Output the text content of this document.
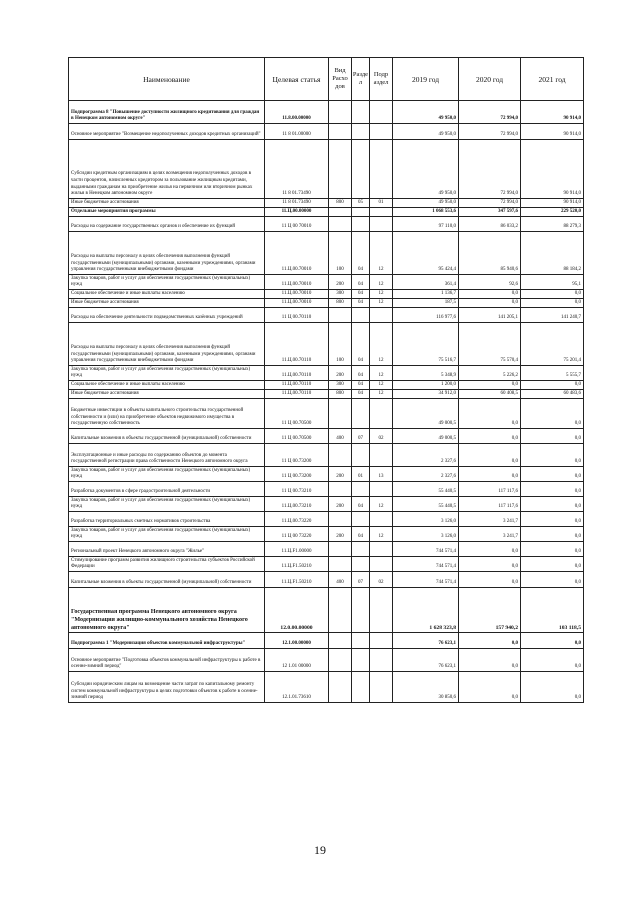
Наименование	Целевая статья	Вид Расхо дов	Разде л	Подр аздел	2019 год	2020 год	2021 год
Подпрограмма 8 "Повышение доступности жилищного кредитования для граждан в Ненецком автономном округе"	11.8.00.00000				49 950,0	72 994,0	90 914,0
Основное мероприятие "Возмещение недополученных доходов кредитных организаций"	11 8 01.00000				49 950,0	72 994,0	90 914,0
Субсидии кредитным организациям в целях возмещения недополученных доходов в части процентов, начисленных кредитором за пользование жилищным кредитами, выданными гражданам на приобретение жилья на первичном или вторичном рынках жилья в Ненецком автономном округе	11 8 01.73490				49 950,0	72 994,0	90 914,0
Иные бюджетные ассигнования	11 8 01.73490	800	05	01	49 950,0	72 994,0	90 914,0
Отдельные мероприятия программы	11.Ц.00.00000				1 068 553,6	347 597,6	229 520,0
Расходы на содержание государственных органов и обеспечение их функций	11 Ц 00 70010				97 110,0	86 033,2	88 279,3
Расходы на выплаты персоналу в целях обеспечения выполнения функций государственными (муниципальными) органами, казенными учреждениями, органами управления государственными внебюджетными фондами	11.Ц.00.70010	100	04	12	95 424,4	85 940,6	88 184,2
Закупка товаров, работ и услуг для обеспечения государственных (муниципальных) нужд	11.Ц.00.70010	200	04	12	361,4	92,6	95,1
Социальное обеспечение и иные выплаты населению	11.Ц.00.70010	300	04	12	1 136,7	0,0	0,0
Иные бюджетные ассигнования	11.Ц.00.70010	800	04	12	187,5	0,0	0,0
Расходы на обеспечение деятельности подведомственных казённых учреждений	11 Ц 00.70110				116 977,6	141 205,1	141 240,7
Расходы на выплаты персоналу в целях обеспечения выполнения функций государственными (муниципальными) органами, казенными учреждениями, органами управления государственными внебюджетными фондами	11.Ц.00.70110	100	04	12	75 516,7	75 570,4	75 201,4
Закупка товаров, работ и услуг для обеспечения государственных (муниципальных) нужд	11.Ц.00.70110	200	04	12	5 348,9	5 226,2	5 555,7
Социальное обеспечение и иные выплаты населению	11.Ц.00.70110	300	04	12	1 200,0	0,0	0,0
Иные бюджетные ассигнования	11.Ц.00.70110	800	04	12	34 912,0	60 408,5	60 483,6
Бюджетные инвестиции в объекты капитального строительства государственной собственности и (или) на приобретение объектов недвижимого имущества в государственную собственность	11 Ц 00.70500				49 000,5	0,0	0,0
Капитальные вложения в объекты государственной (муниципальной) собственности	11 Ц 00.70500	400	07	02	49 000,5	0,0	0,0
Эксплуатационные и иные расходы по содержанию объектов до момента государственной регистрации права собственности Ненецкого автономного округа	11 Ц 00.73200				2 327,6	0,0	0,0
Закупка товаров, работ и услуг для обеспечения государственных (муниципальных) нужд	11 Ц 00.73200	200	01	13	2 327,6	0,0	0,0
Разработка документов в сфере градостроительной деятельности	11 Ц 00.73210				55 440,5	117 117,6	0,0
Закупка товаров, работ и услуг для обеспечения государственных (муниципальных) нужд	11.Ц.00.73210	200	04	12	55 440,5	117 117,6	0,0
Разработка территориальных сметных нормативов строительства	11.Ц.00.73220				3 126,0	3 241,7	0,0
Закупка товаров, работ и услуг для обеспечения государственных (муниципальных) нужд	11 Ц 00 73220	200	04	12	3 126,0	3 241,7	0,0
Региональный проект Ненецкого автономного округа "Жилье"	11.Ц.F1.00000				744 571,4	0,0	0,0
Стимулирование программ развития жилищного строительства субъектов Российской Федерации	11.Ц.F1.50210				744 571,4	0,0	0,0
Капитальные вложения в объекты государственной (муниципальной) собственности	11.Ц.F1.50210	400	07	02	744 571,4	0,0	0,0
Государственная программа Ненецкого автономного округа "Модернизация жилищно-коммунального хозяйства Ненецкого автономного округа"	12.0.00.00000				1 628 323,8	157 940,2	103 118,5
Подпрограмма 1 "Модернизация объектов коммунальной инфраструктуры"	12.1.00.00000				76 623,1	0,0	0,0
Основное мероприятие "Подготовка объектов коммунальной инфраструктуры к работе в осенне-зимний период"	12 1.01 00000				76 623,1	0,0	0,0
Субсидии юридическим лицам на возмещение части затрат по капитальному ремонту систем коммунальной инфраструктуры в целях подготовки объектов к работе в осенне-зимний период	12.1.01.73610				30 850,6	0,0	0,0
19
